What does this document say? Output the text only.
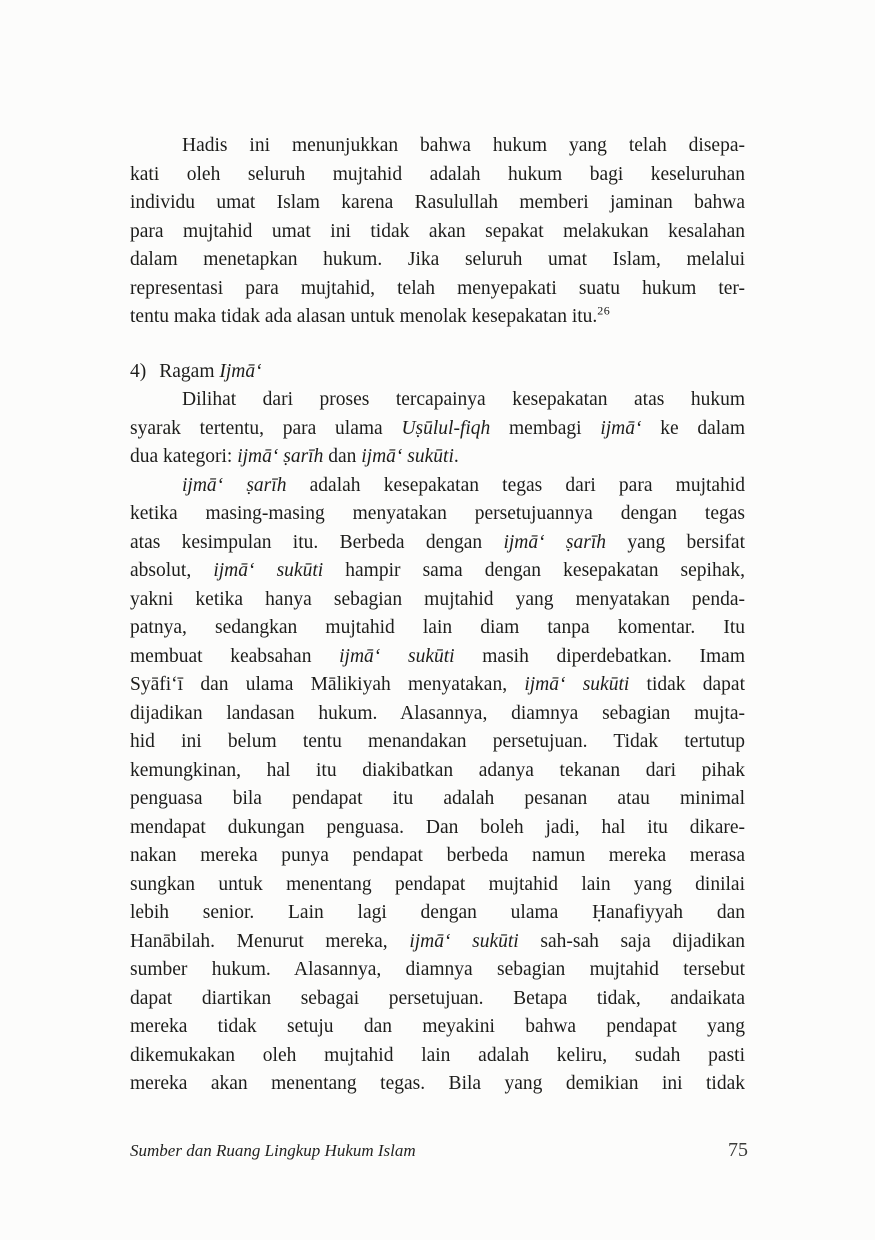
Hadis ini menunjukkan bahwa hukum yang telah disepa-
kati oleh seluruh mujtahid adalah hukum bagi keseluruhan
individu umat Islam karena Rasulullah memberi jaminan bahwa
para mujtahid umat ini tidak akan sepakat melakukan kesalahan
dalam menetapkan hukum. Jika seluruh umat Islam, melalui
representasi para mujtahid, telah menyepakati suatu hukum ter-
tentu maka tidak ada alasan untuk menolak kesepakatan itu.$^{26}$
4) Ragam Ijmā‘
Dilihat dari proses tercapainya kesepakatan atas hukum
syarak tertentu, para ulama Uṣūlul-fiqh membagi ijmā‘ ke dalam
dua kategori: ijmā‘ ṣarīh dan ijmā‘ sukūti.
ijmā‘ ṣarīh adalah kesepakatan tegas dari para mujtahid
ketika masing-masing menyatakan persetujuannya dengan tegas
atas kesimpulan itu. Berbeda dengan ijmā‘ ṣarīh yang bersifat
absolut, ijmā‘ sukūti hampir sama dengan kesepakatan sepihak,
yakni ketika hanya sebagian mujtahid yang menyatakan penda-
patnya, sedangkan mujtahid lain diam tanpa komentar. Itu
membuat keabsahan ijmā‘ sukūti masih diperdebatkan. Imam
Syāfi‘ī dan ulama Mālikiyah menyatakan, ijmā‘ sukūti tidak dapat
dijadikan landasan hukum. Alasannya, diamnya sebagian mujta-
hid ini belum tentu menandakan persetujuan. Tidak tertutup
kemungkinan, hal itu diakibatkan adanya tekanan dari pihak
penguasa bila pendapat itu adalah pesanan atau minimal
mendapat dukungan penguasa. Dan boleh jadi, hal itu dikare-
nakan mereka punya pendapat berbeda namun mereka merasa
sungkan untuk menentang pendapat mujtahid lain yang dinilai
lebih senior. Lain lagi dengan ulama Ḥanafiyyah dan
Hanābilah. Menurut mereka, ijmā‘ sukūti sah-sah saja dijadikan
sumber hukum. Alasannya, diamnya sebagian mujtahid tersebut
dapat diartikan sebagai persetujuan. Betapa tidak, andaikata
mereka tidak setuju dan meyakini bahwa pendapat yang
dikemukakan oleh mujtahid lain adalah keliru, sudah pasti
mereka akan menentang tegas. Bila yang demikian ini tidak
Sumber dan Ruang Lingkup Hukum Islam	75
